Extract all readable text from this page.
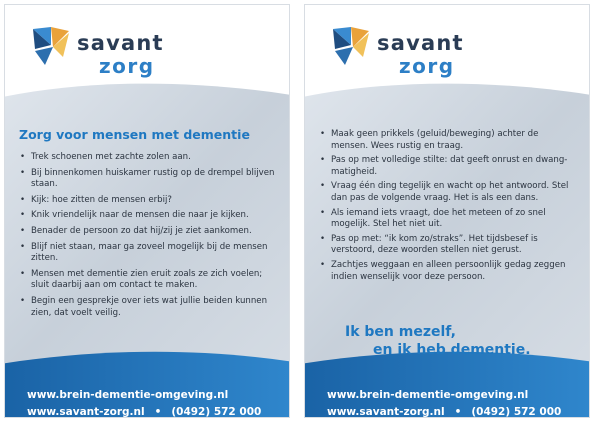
savant
zorg
Zorg voor mensen met dementie
• Trek schoenen met zachte zolen aan.
• Bij binnenkomen huiskamer rustig op de drempel blijven staan.
• Kijk: hoe zitten de mensen erbij?
• Knik vriendelijk naar de mensen die naar je kijken.
• Benader de persoon zo dat hij/zij je ziet aankomen.
• Blijf niet staan, maar ga zoveel mogelijk bij de mensen zitten.
• Mensen met dementie zien eruit zoals ze zich voelen; sluit daarbij aan om contact te maken.
• Begin een gesprekje over iets wat jullie beiden kunnen zien, dat voelt veilig.
www.brein-dementie-omgeving.nl
www.savant-zorg.nl • (0492) 572 000
savant
zorg
• Maak geen prikkels (geluid/beweging) achter de mensen. Wees rustig en traag.
• Pas op met volledige stilte: dat geeft onrust en dwang-matigheid.
• Vraag één ding tegelijk en wacht op het antwoord. Stel dan pas de volgende vraag. Het is als een dans.
• Als iemand iets vraagt, doe het meteen of zo snel mogelijk. Stel het niet uit.
• Pas op met: “ik kom zo/straks”. Het tijdsbesef is verstoord, deze woorden stellen niet gerust.
• Zachtjes weggaan en alleen persoonlijk gedag zeggen indien wenselijk voor deze persoon.
Ik ben mezelf,
en ik heb dementie.
www.brein-dementie-omgeving.nl
www.savant-zorg.nl • (0492) 572 000
